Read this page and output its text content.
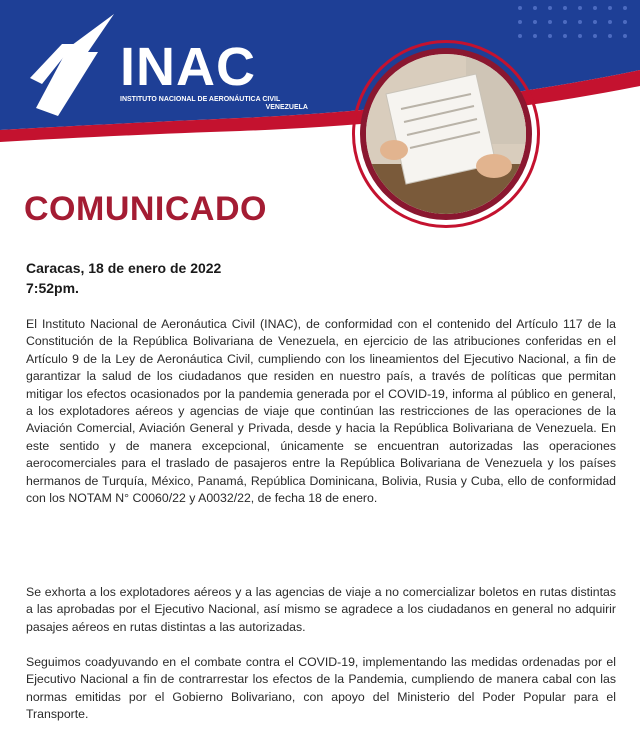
INAC
INSTITUTO NACIONAL DE AERONÁUTICA CIVIL
VENEZUELA
COMUNICADO
Caracas, 18 de enero de 2022
7:52pm.
El Instituto Nacional de Aeronáutica Civil (INAC), de conformidad con el contenido del Artículo 117 de la Constitución de la República Bolivariana de Venezuela, en ejercicio de las atribuciones conferidas en el Artículo 9 de la Ley de Aeronáutica Civil, cumpliendo con los lineamientos del Ejecutivo Nacional, a fin de garantizar la salud de los ciudadanos que residen en nuestro país, a través de políticas que permitan mitigar los efectos ocasionados por la pandemia generada por el COVID-19, informa al público en general, a los explotadores aéreos y agencias de viaje que continúan las restricciones de las operaciones de la Aviación Comercial, Aviación General y Privada, desde y hacia la República Bolivariana de Venezuela. En este sentido y de manera excepcional, únicamente se encuentran autorizadas las operaciones aerocomerciales para el traslado de pasajeros entre la República Bolivariana de Venezuela y los países hermanos de Turquía, México, Panamá, República Dominicana, Bolivia, Rusia y Cuba, ello de conformidad con los NOTAM N° C0060/22 y A0032/22, de fecha 18 de enero.
Se exhorta a los explotadores aéreos y a las agencias de viaje a no comercializar boletos en rutas distintas a las aprobadas por el Ejecutivo Nacional, así mismo se agradece a los ciudadanos en general no adquirir pasajes aéreos en rutas distintas a las autorizadas.
Seguimos coadyuvando en el combate contra el COVID-19, implementando las medidas ordenadas por el Ejecutivo Nacional a fin de contrarrestar los efectos de la Pandemia, cumpliendo de manera cabal con las normas emitidas por el Gobierno Bolivariano, con apoyo del Ministerio del Poder Popular para el Transporte.
